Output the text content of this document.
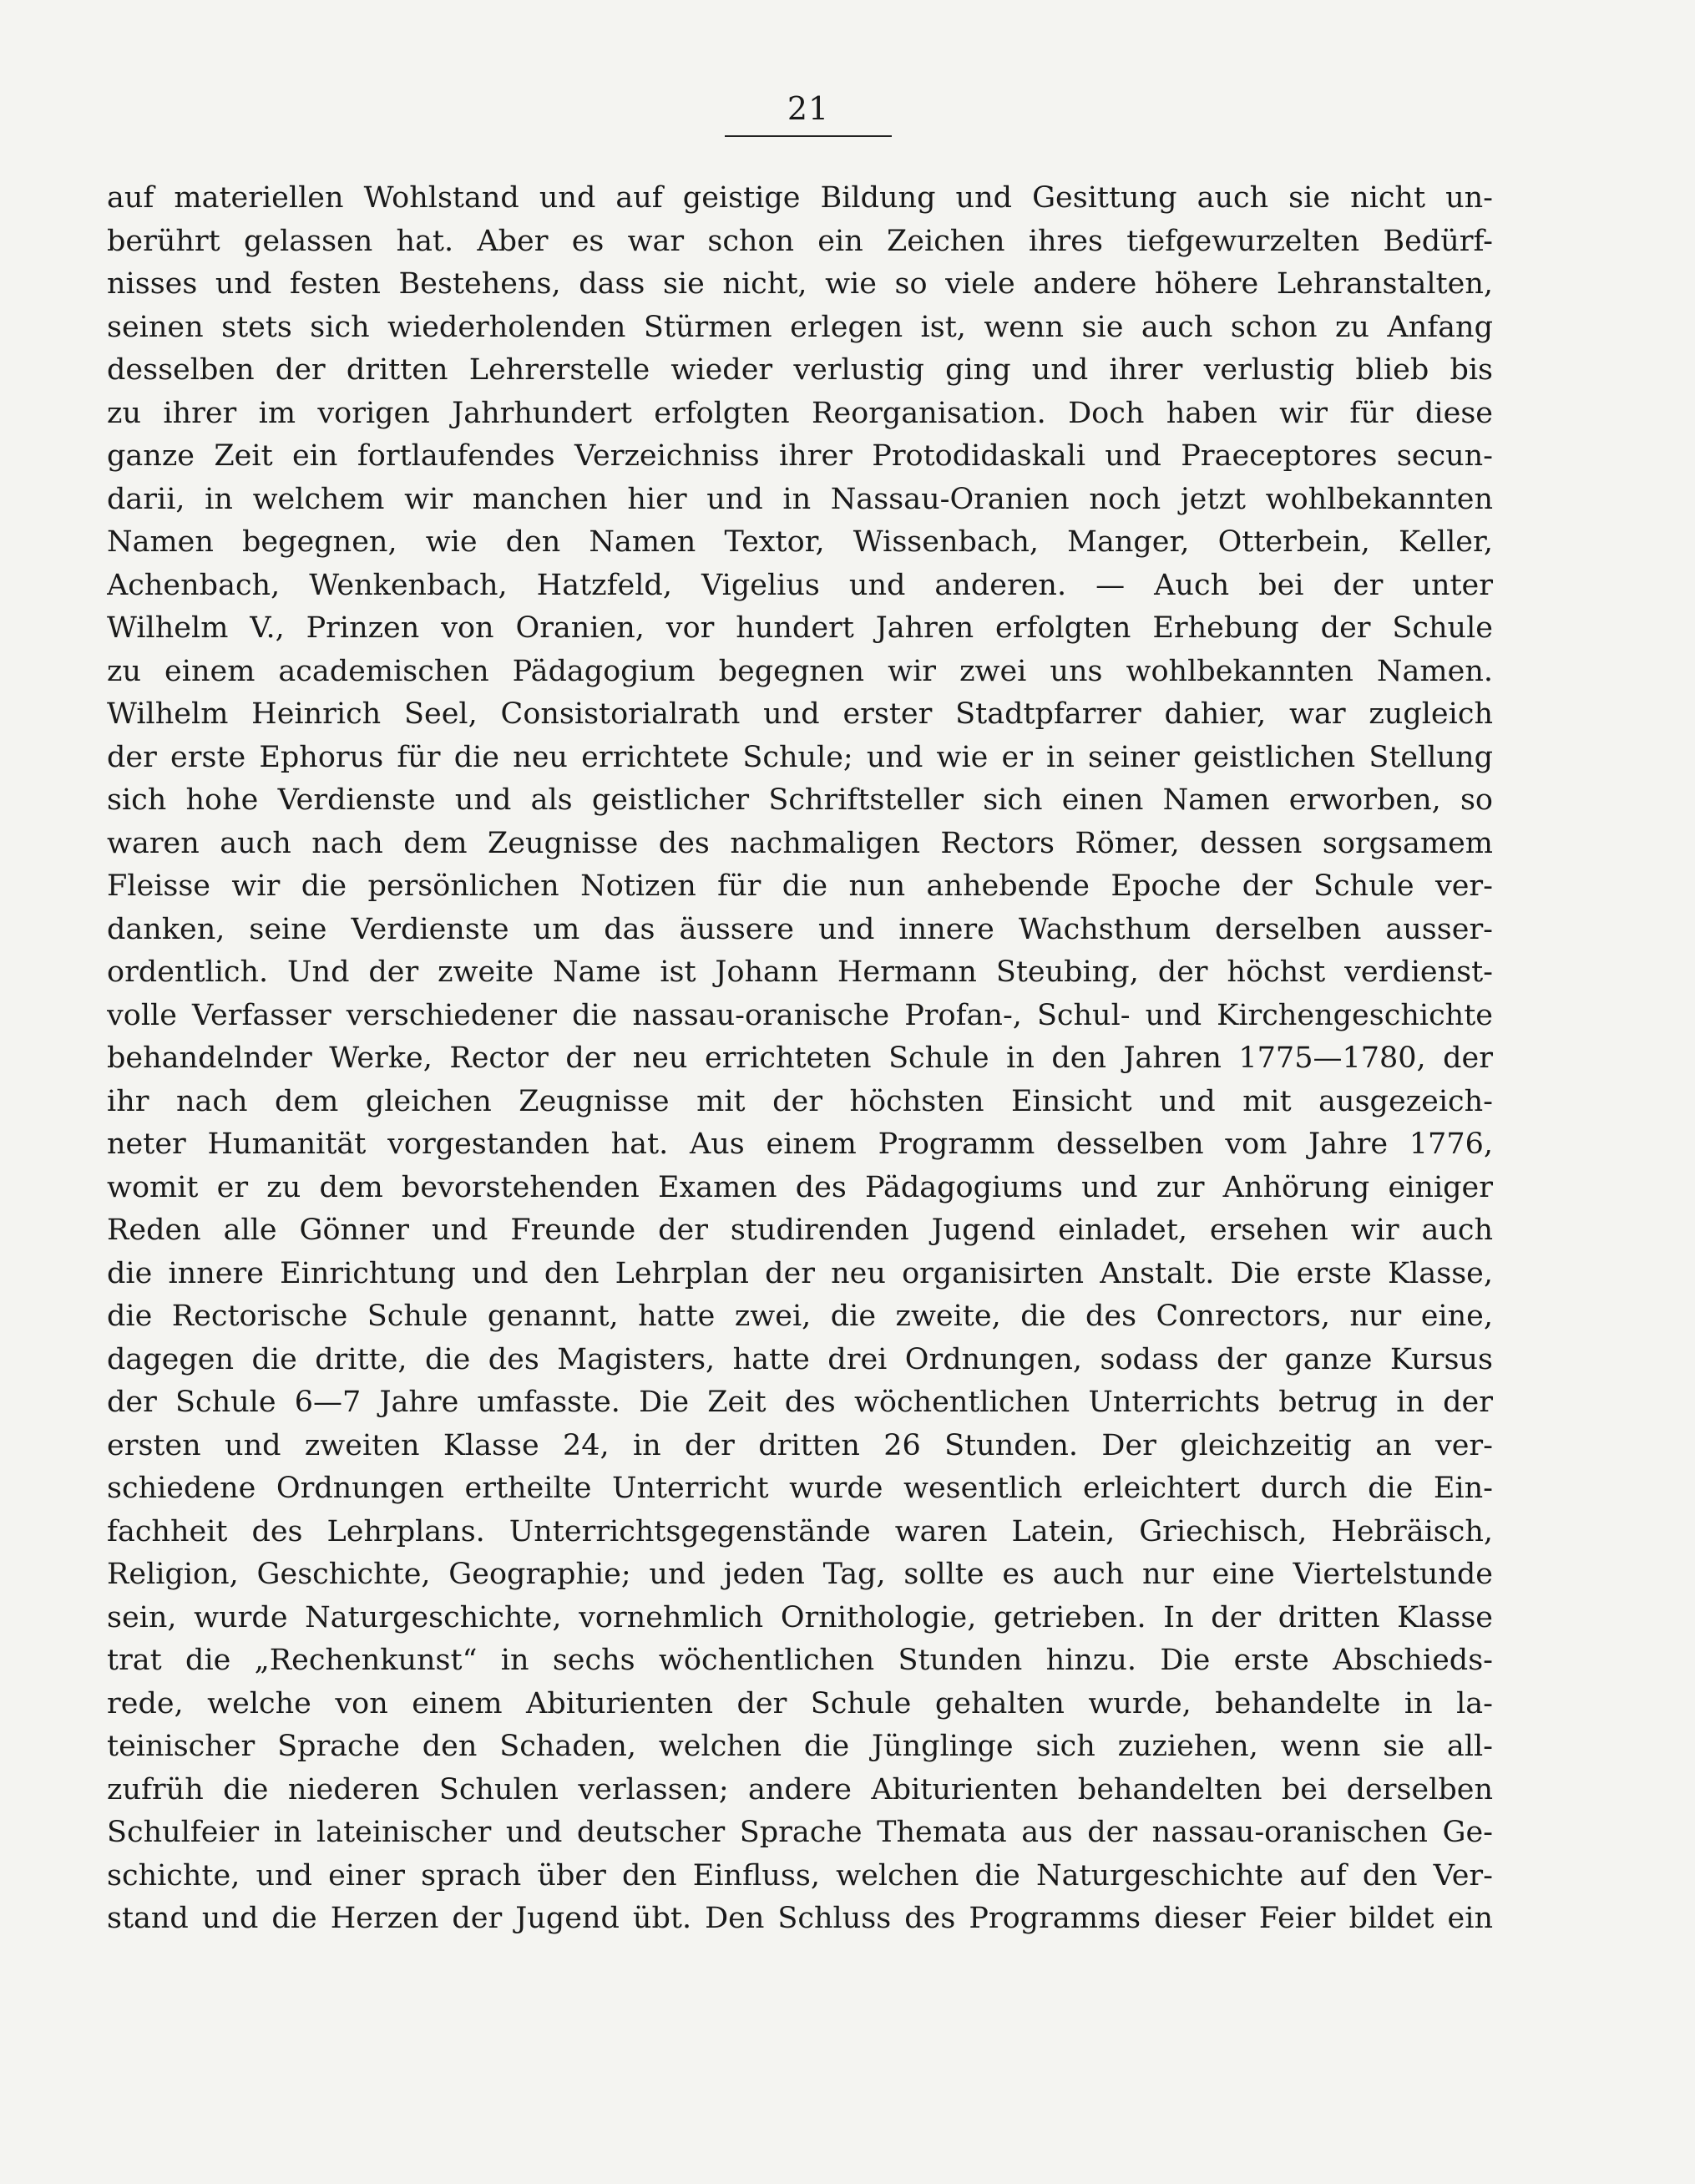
21
auf materiellen Wohlstand und auf geistige Bildung und Gesittung auch sie nicht un-
berührt gelassen hat. Aber es war schon ein Zeichen ihres tiefgewurzelten Bedürf-
nisses und festen Bestehens, dass sie nicht, wie so viele andere höhere Lehranstalten,
seinen stets sich wiederholenden Stürmen erlegen ist, wenn sie auch schon zu Anfang
desselben der dritten Lehrerstelle wieder verlustig ging und ihrer verlustig blieb bis
zu ihrer im vorigen Jahrhundert erfolgten Reorganisation. Doch haben wir für diese
ganze Zeit ein fortlaufendes Verzeichniss ihrer Protodidaskali und Praeceptores secun-
darii, in welchem wir manchen hier und in Nassau-Oranien noch jetzt wohlbekannten
Namen begegnen, wie den Namen Textor, Wissenbach, Manger, Otterbein, Keller,
Achenbach, Wenkenbach, Hatzfeld, Vigelius und anderen. — Auch bei der unter
Wilhelm V., Prinzen von Oranien, vor hundert Jahren erfolgten Erhebung der Schule
zu einem academischen Pädagogium begegnen wir zwei uns wohlbekannten Namen.
Wilhelm Heinrich Seel, Consistorialrath und erster Stadtpfarrer dahier, war zugleich
der erste Ephorus für die neu errichtete Schule; und wie er in seiner geistlichen Stellung
sich hohe Verdienste und als geistlicher Schriftsteller sich einen Namen erworben, so
waren auch nach dem Zeugnisse des nachmaligen Rectors Römer, dessen sorgsamem
Fleisse wir die persönlichen Notizen für die nun anhebende Epoche der Schule ver-
danken, seine Verdienste um das äussere und innere Wachsthum derselben ausser-
ordentlich. Und der zweite Name ist Johann Hermann Steubing, der höchst verdienst-
volle Verfasser verschiedener die nassau-oranische Profan-, Schul- und Kirchengeschichte
behandelnder Werke, Rector der neu errichteten Schule in den Jahren 1775—1780, der
ihr nach dem gleichen Zeugnisse mit der höchsten Einsicht und mit ausgezeich-
neter Humanität vorgestanden hat. Aus einem Programm desselben vom Jahre 1776,
womit er zu dem bevorstehenden Examen des Pädagogiums und zur Anhörung einiger
Reden alle Gönner und Freunde der studirenden Jugend einladet, ersehen wir auch
die innere Einrichtung und den Lehrplan der neu organisirten Anstalt. Die erste Klasse,
die Rectorische Schule genannt, hatte zwei, die zweite, die des Conrectors, nur eine,
dagegen die dritte, die des Magisters, hatte drei Ordnungen, sodass der ganze Kursus
der Schule 6—7 Jahre umfasste. Die Zeit des wöchentlichen Unterrichts betrug in der
ersten und zweiten Klasse 24, in der dritten 26 Stunden. Der gleichzeitig an ver-
schiedene Ordnungen ertheilte Unterricht wurde wesentlich erleichtert durch die Ein-
fachheit des Lehrplans. Unterrichtsgegenstände waren Latein, Griechisch, Hebräisch,
Religion, Geschichte, Geographie; und jeden Tag, sollte es auch nur eine Viertelstunde
sein, wurde Naturgeschichte, vornehmlich Ornithologie, getrieben. In der dritten Klasse
trat die „Rechenkunst“ in sechs wöchentlichen Stunden hinzu. Die erste Abschieds-
rede, welche von einem Abiturienten der Schule gehalten wurde, behandelte in la-
teinischer Sprache den Schaden, welchen die Jünglinge sich zuziehen, wenn sie all-
zufrüh die niederen Schulen verlassen; andere Abiturienten behandelten bei derselben
Schulfeier in lateinischer und deutscher Sprache Themata aus der nassau-oranischen Ge-
schichte, und einer sprach über den Einfluss, welchen die Naturgeschichte auf den Ver-
stand und die Herzen der Jugend übt. Den Schluss des Programms dieser Feier bildet ein
